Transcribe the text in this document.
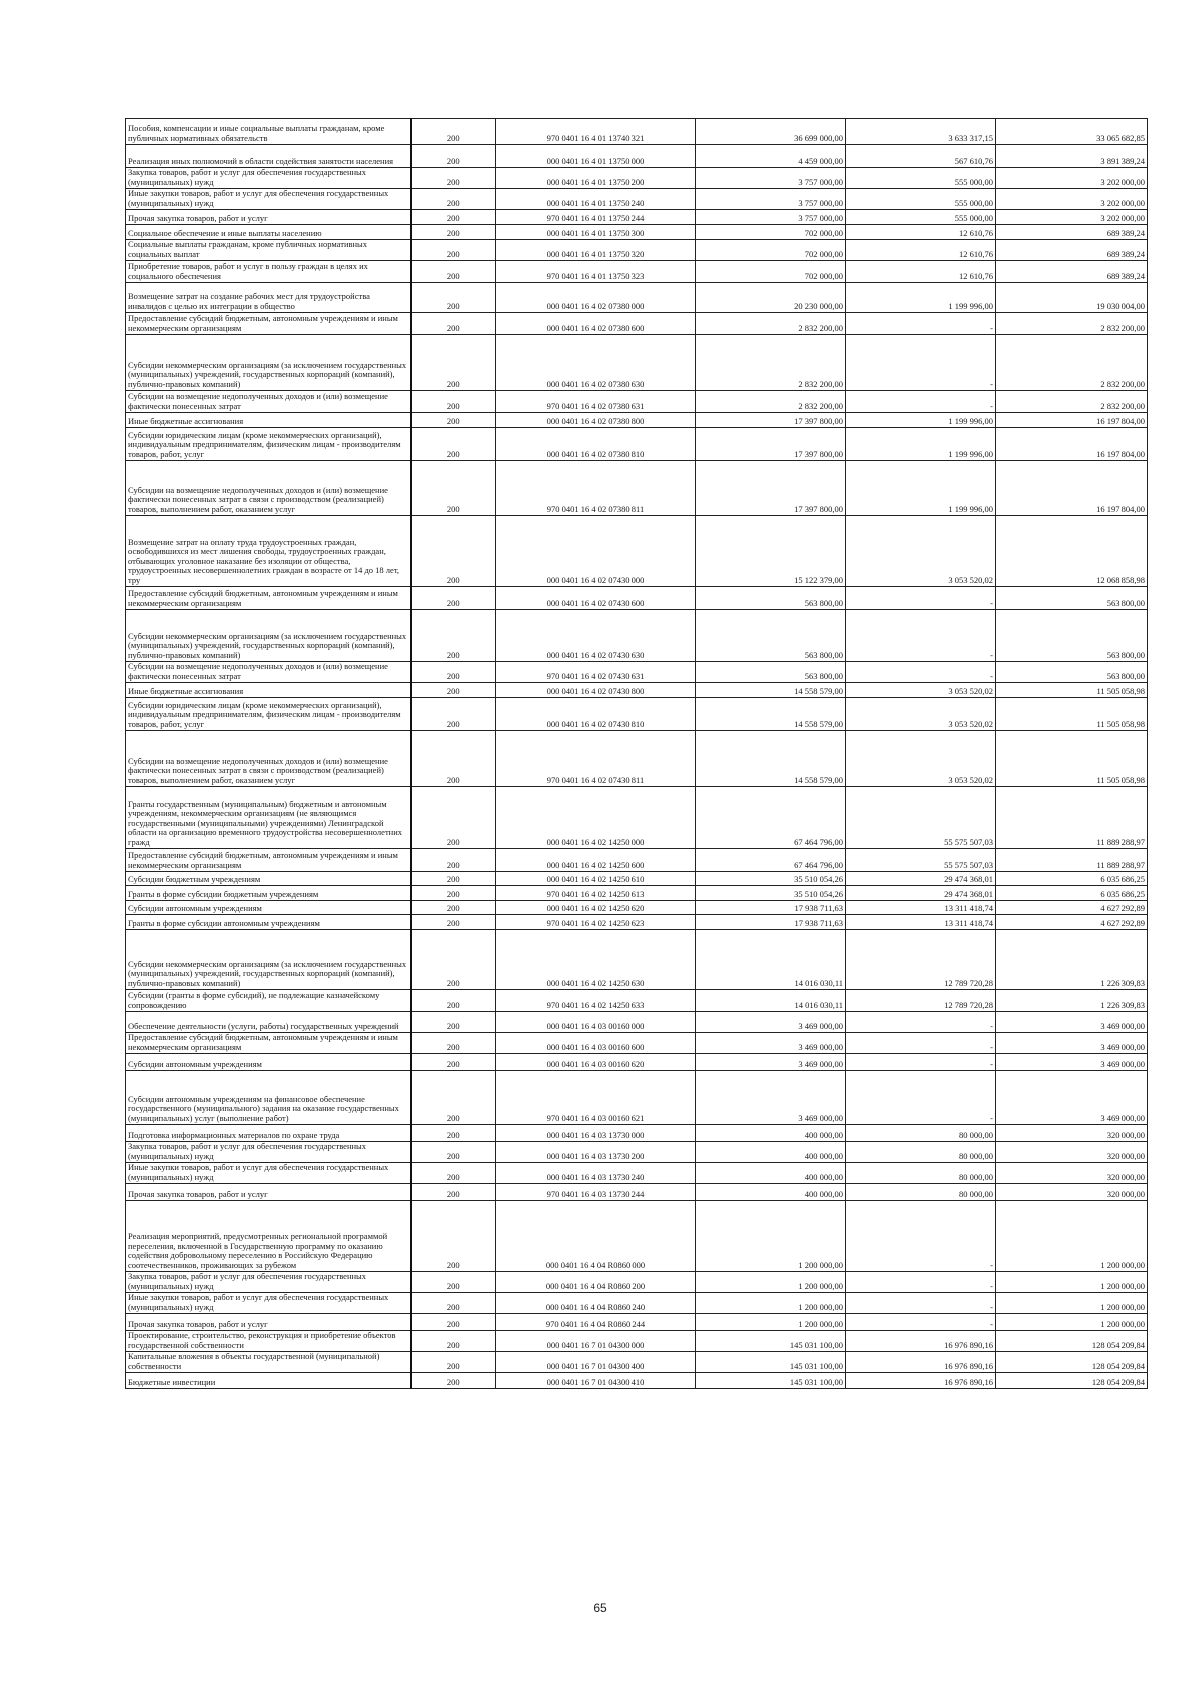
Пособия, компенсации и иные социальные выплаты гражданам, кроме публичных нормативных обязательств	200	970 0401 16 4 01 13740 321	36 699 000,00	3 633 317,15	33 065 682,85
Реализация иных полномочий в области содействия занятости населения	200	000 0401 16 4 01 13750 000	4 459 000,00	567 610,76	3 891 389,24
Закупка товаров, работ и услуг для обеспечения государственных (муниципальных) нужд	200	000 0401 16 4 01 13750 200	3 757 000,00	555 000,00	3 202 000,00
Иные закупки товаров, работ и услуг для обеспечения государственных (муниципальных) нужд	200	000 0401 16 4 01 13750 240	3 757 000,00	555 000,00	3 202 000,00
Прочая закупка товаров, работ и услуг	200	970 0401 16 4 01 13750 244	3 757 000,00	555 000,00	3 202 000,00
Социальное обеспечение и иные выплаты населению	200	000 0401 16 4 01 13750 300	702 000,00	12 610,76	689 389,24
Социальные выплаты гражданам, кроме публичных нормативных социальных выплат	200	000 0401 16 4 01 13750 320	702 000,00	12 610,76	689 389,24
Приобретение товаров, работ и услуг в пользу граждан в целях их социального обеспечения	200	970 0401 16 4 01 13750 323	702 000,00	12 610,76	689 389,24
Возмещение затрат на создание рабочих мест для трудоустройства инвалидов с целью их интеграции в общество	200	000 0401 16 4 02 07380 000	20 230 000,00	1 199 996,00	19 030 004,00
Предоставление субсидий бюджетным, автономным учреждениям и иным некоммерческим организациям	200	000 0401 16 4 02 07380 600	2 832 200,00	-	2 832 200,00
Субсидии некоммерческим организациям (за исключением государственных (муниципальных) учреждений, государственных корпораций (компаний), публично-правовых компаний)	200	000 0401 16 4 02 07380 630	2 832 200,00	-	2 832 200,00
Субсидии на возмещение недополученных доходов и (или) возмещение фактически понесенных затрат	200	970 0401 16 4 02 07380 631	2 832 200,00	-	2 832 200,00
Иные бюджетные ассигнования	200	000 0401 16 4 02 07380 800	17 397 800,00	1 199 996,00	16 197 804,00
Субсидии юридическим лицам (кроме некоммерческих организаций), индивидуальным предпринимателям, физическим лицам - производителям товаров, работ, услуг	200	000 0401 16 4 02 07380 810	17 397 800,00	1 199 996,00	16 197 804,00
Субсидии на возмещение недополученных доходов и (или) возмещение фактически понесенных затрат в связи с производством (реализацией) товаров, выполнением работ, оказанием услуг	200	970 0401 16 4 02 07380 811	17 397 800,00	1 199 996,00	16 197 804,00
Возмещение затрат на оплату труда трудоустроенных граждан, освободившихся из мест лишения свободы, трудоустроенных граждан, отбывающих уголовное наказание без изоляции от общества, трудоустроенных несовершеннолетних граждан в возрасте от 14 до 18 лет, тру	200	000 0401 16 4 02 07430 000	15 122 379,00	3 053 520,02	12 068 858,98
Предоставление субсидий бюджетным, автономным учреждениям и иным некоммерческим организациям	200	000 0401 16 4 02 07430 600	563 800,00	-	563 800,00
Субсидии некоммерческим организациям (за исключением государственных (муниципальных) учреждений, государственных корпораций (компаний), публично-правовых компаний)	200	000 0401 16 4 02 07430 630	563 800,00	-	563 800,00
Субсидии на возмещение недополученных доходов и (или) возмещение фактически понесенных затрат	200	970 0401 16 4 02 07430 631	563 800,00	-	563 800,00
Иные бюджетные ассигнования	200	000 0401 16 4 02 07430 800	14 558 579,00	3 053 520,02	11 505 058,98
Субсидии юридическим лицам (кроме некоммерческих организаций), индивидуальным предпринимателям, физическим лицам - производителям товаров, работ, услуг	200	000 0401 16 4 02 07430 810	14 558 579,00	3 053 520,02	11 505 058,98
Субсидии на возмещение недополученных доходов и (или) возмещение фактически понесенных затрат в связи с производством (реализацией) товаров, выполнением работ, оказанием услуг	200	970 0401 16 4 02 07430 811	14 558 579,00	3 053 520,02	11 505 058,98
Гранты государственным (муниципальным) бюджетным и автономным учреждениям, некоммерческим организациям (не являющимся государственными (муниципальными) учреждениями) Ленинградской области на организацию временного трудоустройства несовершеннолетних гражд	200	000 0401 16 4 02 14250 000	67 464 796,00	55 575 507,03	11 889 288,97
Предоставление субсидий бюджетным, автономным учреждениям и иным некоммерческим организациям	200	000 0401 16 4 02 14250 600	67 464 796,00	55 575 507,03	11 889 288,97
Субсидии бюджетным учреждениям	200	000 0401 16 4 02 14250 610	35 510 054,26	29 474 368,01	6 035 686,25
Гранты в форме субсидии бюджетным учреждениям	200	970 0401 16 4 02 14250 613	35 510 054,26	29 474 368,01	6 035 686,25
Субсидии автономным учреждениям	200	000 0401 16 4 02 14250 620	17 938 711,63	13 311 418,74	4 627 292,89
Гранты в форме субсидии автономным учреждениям	200	970 0401 16 4 02 14250 623	17 938 711,63	13 311 418,74	4 627 292,89
Субсидии некоммерческим организациям (за исключением государственных (муниципальных) учреждений, государственных корпораций (компаний), публично-правовых компаний)	200	000 0401 16 4 02 14250 630	14 016 030,11	12 789 720,28	1 226 309,83
Субсидии (гранты в форме субсидий), не подлежащие казначейскому сопровождению	200	970 0401 16 4 02 14250 633	14 016 030,11	12 789 720,28	1 226 309,83
Обеспечение деятельности (услуги, работы) государственных учреждений	200	000 0401 16 4 03 00160 000	3 469 000,00	-	3 469 000,00
Предоставление субсидий бюджетным, автономным учреждениям и иным некоммерческим организациям	200	000 0401 16 4 03 00160 600	3 469 000,00	-	3 469 000,00
Субсидии автономным учреждениям	200	000 0401 16 4 03 00160 620	3 469 000,00	-	3 469 000,00
Субсидии автономным учреждениям на финансовое обеспечение государственного (муниципального) задания на оказание государственных (муниципальных) услуг (выполнение работ)	200	970 0401 16 4 03 00160 621	3 469 000,00	-	3 469 000,00
Подготовка информационных материалов по охране труда	200	000 0401 16 4 03 13730 000	400 000,00	80 000,00	320 000,00
Закупка товаров, работ и услуг для обеспечения государственных (муниципальных) нужд	200	000 0401 16 4 03 13730 200	400 000,00	80 000,00	320 000,00
Иные закупки товаров, работ и услуг для обеспечения государственных (муниципальных) нужд	200	000 0401 16 4 03 13730 240	400 000,00	80 000,00	320 000,00
Прочая закупка товаров, работ и услуг	200	970 0401 16 4 03 13730 244	400 000,00	80 000,00	320 000,00
Реализация мероприятий, предусмотренных региональной программой переселения, включенной в Государственную программу по оказанию содействия добровольному переселению в Российскую Федерацию соотечественников, проживающих за рубежом	200	000 0401 16 4 04 R0860 000	1 200 000,00	-	1 200 000,00
Закупка товаров, работ и услуг для обеспечения государственных (муниципальных) нужд	200	000 0401 16 4 04 R0860 200	1 200 000,00	-	1 200 000,00
Иные закупки товаров, работ и услуг для обеспечения государственных (муниципальных) нужд	200	000 0401 16 4 04 R0860 240	1 200 000,00	-	1 200 000,00
Прочая закупка товаров, работ и услуг	200	970 0401 16 4 04 R0860 244	1 200 000,00	-	1 200 000,00
Проектирование, строительство, реконструкция и приобретение объектов государственной собственности	200	000 0401 16 7 01 04300 000	145 031 100,00	16 976 890,16	128 054 209,84
Капитальные вложения в объекты государственной (муниципальной) собственности	200	000 0401 16 7 01 04300 400	145 031 100,00	16 976 890,16	128 054 209,84
Бюджетные инвестиции	200	000 0401 16 7 01 04300 410	145 031 100,00	16 976 890,16	128 054 209,84
65
